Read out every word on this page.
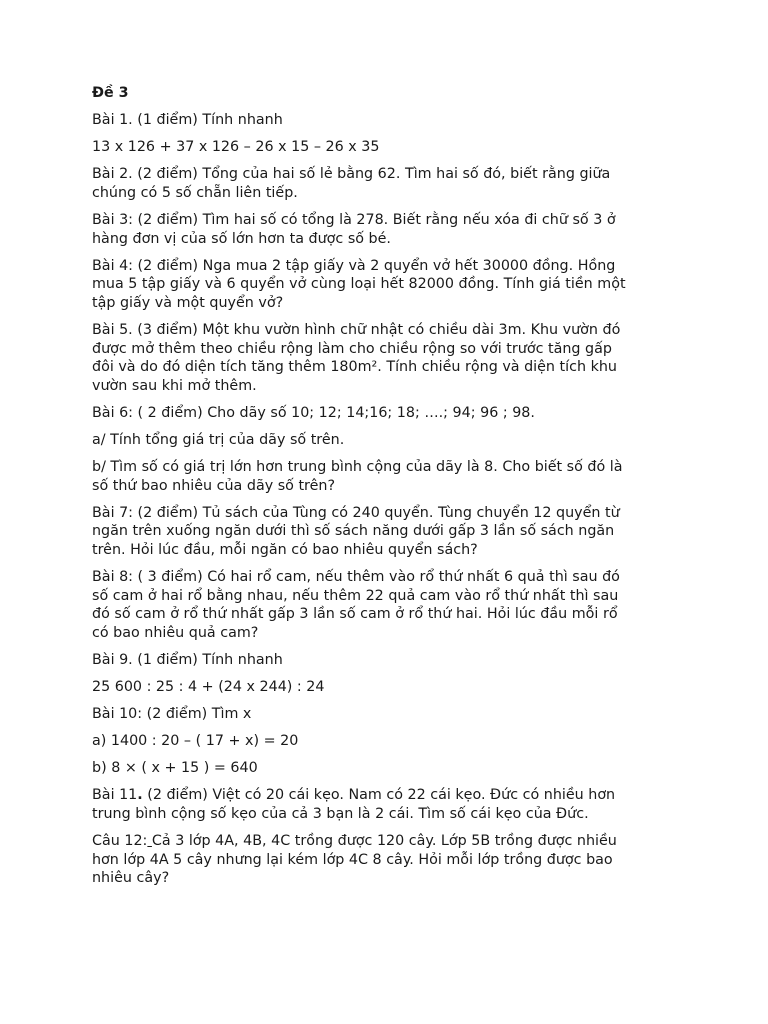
Đề 3
Bài 1. (1 điểm) Tính nhanh
13 x 126 + 37 x 126 – 26 x 15 – 26 x 35
Bài 2. (2 điểm) Tổng của hai số lẻ bằng 62. Tìm hai số đó, biết rằng giữa
chúng có 5 số chẵn liên tiếp.
Bài 3: (2 điểm) Tìm hai số có tổng là 278. Biết rằng nếu xóa đi chữ số 3 ở
hàng đơn vị của số lớn hơn ta được số bé.
Bài 4: (2 điểm) Nga mua 2 tập giấy và 2 quyển vở hết 30000 đồng. Hồng
mua 5 tập giấy và 6 quyển vở cùng loại hết 82000 đồng. Tính giá tiền một
tập giấy và một quyển vở?
Bài 5. (3 điểm) Một khu vườn hình chữ nhật có chiều dài 3m. Khu vườn đó
được mở thêm theo chiều rộng làm cho chiều rộng so với trước tăng gấp
đôi và do đó diện tích tăng thêm 180m². Tính chiều rộng và diện tích khu
vườn sau khi mở thêm.
Bài 6: ( 2 điểm) Cho dãy số 10; 12; 14;16; 18; ….; 94; 96 ; 98.
a/ Tính tổng giá trị của dãy số trên.
b/ Tìm số có giá trị lớn hơn trung bình cộng của dãy là 8. Cho biết số đó là
số thứ bao nhiêu của dãy số trên?
Bài 7: (2 điểm) Tủ sách của Tùng có 240 quyển. Tùng chuyển 12 quyển từ
ngăn trên xuống ngăn dưới thì số sách năng dưới gấp 3 lần số sách ngăn
trên. Hỏi lúc đầu, mỗi ngăn có bao nhiêu quyển sách?
Bài 8: ( 3 điểm) Có hai rổ cam, nếu thêm vào rổ thứ nhất 6 quả thì sau đó
số cam ở hai rổ bằng nhau, nếu thêm 22 quả cam vào rổ thứ nhất thì sau
đó số cam ở rổ thứ nhất gấp 3 lần số cam ở rổ thứ hai. Hỏi lúc đầu mỗi rổ
có bao nhiêu quả cam?
Bài 9. (1 điểm) Tính nhanh
25 600 : 25 : 4 + (24 x 244) : 24
Bài 10: (2 điểm) Tìm x
a) 1400 : 20 – ( 17 + x) = 20
b) 8 × ( x + 15 ) = 640
Bài 11. (2 điểm) Việt có 20 cái kẹo. Nam có 22 cái kẹo. Đức có nhiều hơn
trung bình cộng số kẹo của cả 3 bạn là 2 cái. Tìm số cái kẹo của Đức.
Câu 12: Cả 3 lớp 4A, 4B, 4C trồng được 120 cây. Lớp 5B trồng được nhiều
hơn lớp 4A 5 cây nhưng lại kém lớp 4C 8 cây. Hỏi mỗi lớp trồng được bao
nhiêu cây?
